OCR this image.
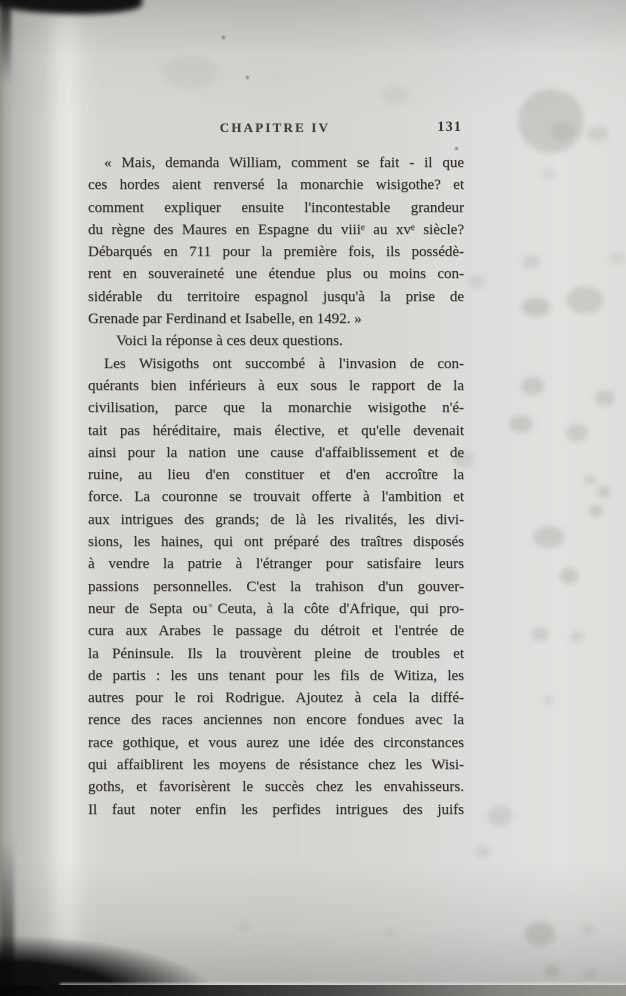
CHAPITRE IV	131
« Mais, demanda William, comment se fait - il que
ces hordes aient renversé la monarchie wisigothe? et
comment expliquer ensuite l'incontestable grandeur
du règne des Maures en Espagne du viiiᵉ au xvᵉ siècle?
Débarqués en 711 pour la première fois, ils possédè-
rent en souveraineté une étendue plus ou moins con-
sidérable du territoire espagnol jusqu'à la prise de
Grenade par Ferdinand et Isabelle, en 1492. »
Voici la réponse à ces deux questions.
Les Wisigoths ont succombé à l'invasion de con-
quérants bien inférieurs à eux sous le rapport de la
civilisation, parce que la monarchie wisigothe n'é-
tait pas héréditaire, mais élective, et qu'elle devenait
ainsi pour la nation une cause d'affaiblissement et de
ruine, au lieu d'en constituer et d'en accroître la
force. La couronne se trouvait offerte à l'ambition et
aux intrigues des grands; de là les rivalités, les divi-
sions, les haines, qui ont préparé des traîtres disposés
à vendre la patrie à l'étranger pour satisfaire leurs
passions personnelles. C'est la trahison d'un gouver-
neur de Septa ou Ceuta, à la côte d'Afrique, qui pro-
cura aux Arabes le passage du détroit et l'entrée de
la Péninsule. Ils la trouvèrent pleine de troubles et
de partis : les uns tenant pour les fils de Witiza, les
autres pour le roi Rodrigue. Ajoutez à cela la diffé-
rence des races anciennes non encore fondues avec la
race gothique, et vous aurez une idée des circonstances
qui affaiblirent les moyens de résistance chez les Wisi-
goths, et favorisèrent le succès chez les envahisseurs.
Il faut noter enfin les perfides intrigues des juifs
